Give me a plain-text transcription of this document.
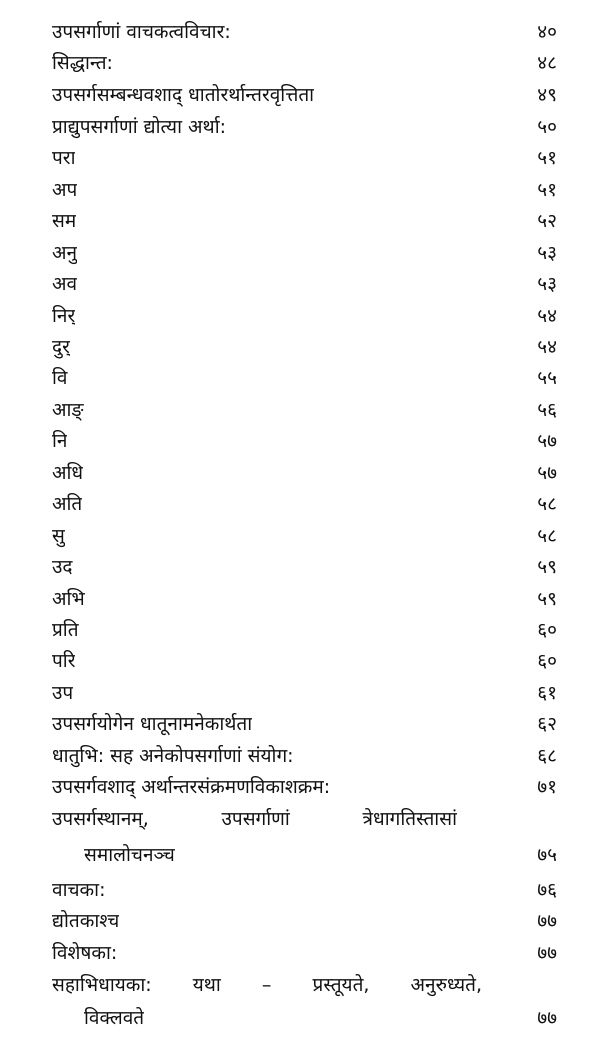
उपसर्गाणां वाचकत्वविचार:	४०
सिद्धान्त:	४८
उपसर्गसम्बन्धवशाद् धातोरर्थान्तरवृत्तिता	४९
प्राद्युपसर्गाणां द्योत्या अर्था:	५०
परा	५१
अप	५१
सम	५२
अनु	५३
अव	५३
निर्	५४
दुर्	५४
वि	५५
आङ्	५६
नि	५७
अधि	५७
अति	५८
सु	५८
उद	५९
अभि	५९
प्रति	६०
परि	६०
उप	६१
उपसर्गयोगेन धातूनामनेकार्थता	६२
धातुभि: सह अनेकोपसर्गाणां संयोग:	६८
उपसर्गवशाद् अर्थान्तरसंक्रमणविकाशक्रम:	७१
उपसर्गस्थानम्, उपसर्गाणां त्रेधागतिस्तासां
समालोचनञ्च	७५
वाचका:	७६
द्योतकाश्च	७७
विशेषका:	७७
सहाभिधायका: यथा – प्रस्तूयते, अनुरुध्यते,
विक्लवते	७७
